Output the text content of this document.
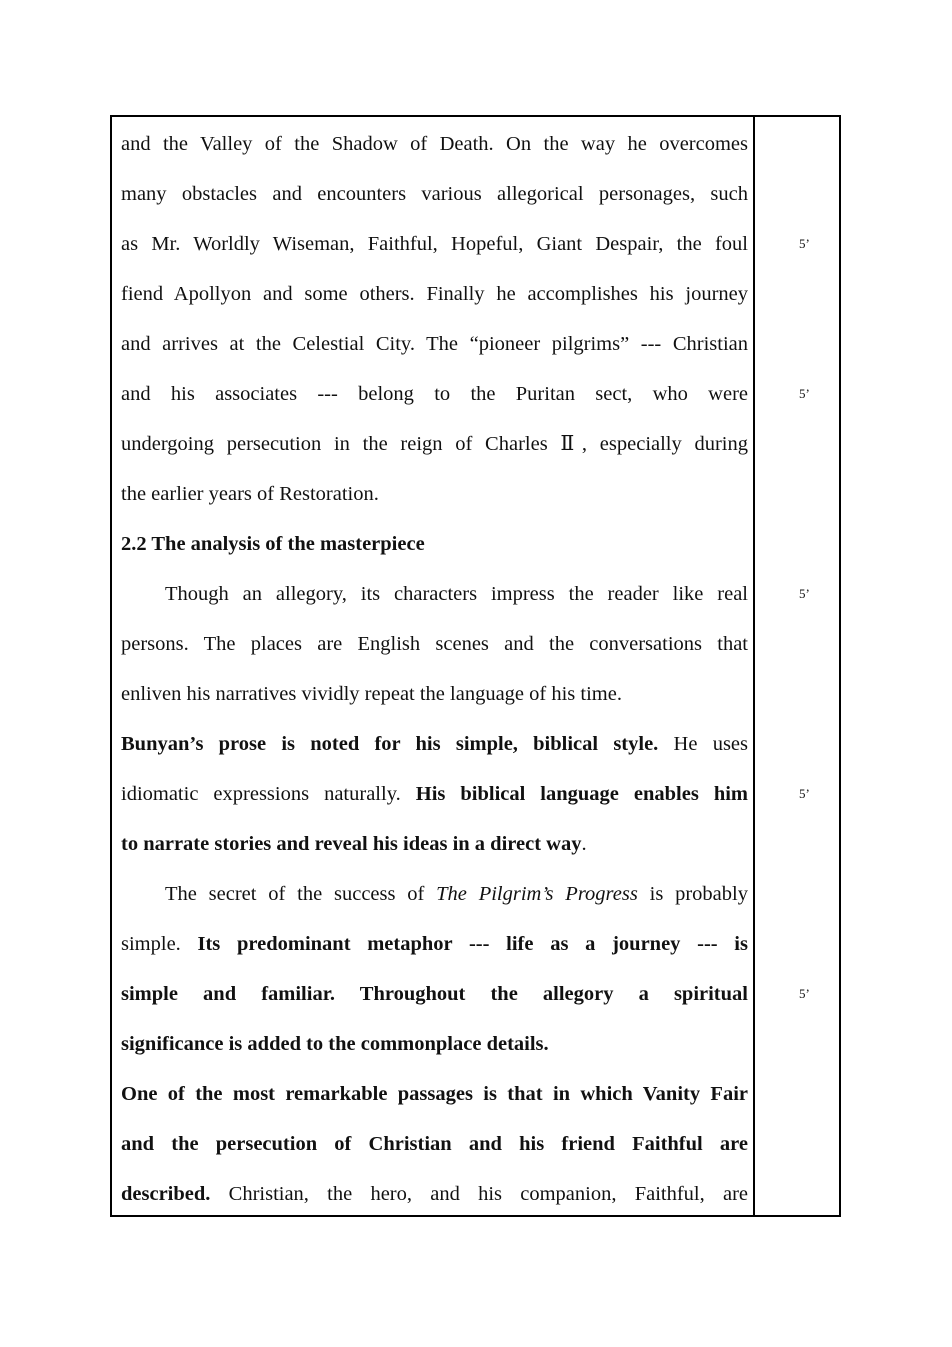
and the Valley of the Shadow of Death. On the way he overcomes
many obstacles and encounters various allegorical personages, such
as Mr. Worldly Wiseman, Faithful, Hopeful, Giant Despair, the foul
fiend Apollyon and some others. Finally he accomplishes his journey
and arrives at the Celestial City. The “pioneer pilgrims” --- Christian
and his associates --- belong to the Puritan sect, who were
undergoing persecution in the reign of Charles Ⅱ, especially during
the earlier years of Restoration.
2.2 The analysis of the masterpiece
Though an allegory, its characters impress the reader like real
persons. The places are English scenes and the conversations that
enliven his narratives vividly repeat the language of his time.
Bunyan’s prose is noted for his simple, biblical style. He uses
idiomatic expressions naturally. His biblical language enables him
to narrate stories and reveal his ideas in a direct way.
The secret of the success of The Pilgrim’s Progress is probably
simple. Its predominant metaphor --- life as a journey --- is
simple and familiar. Throughout the allegory a spiritual
significance is added to the commonplace details.
One of the most remarkable passages is that in which Vanity Fair
and the persecution of Christian and his friend Faithful are
described. Christian, the hero, and his companion, Faithful, are
5’
5’
5’
5’
5’
